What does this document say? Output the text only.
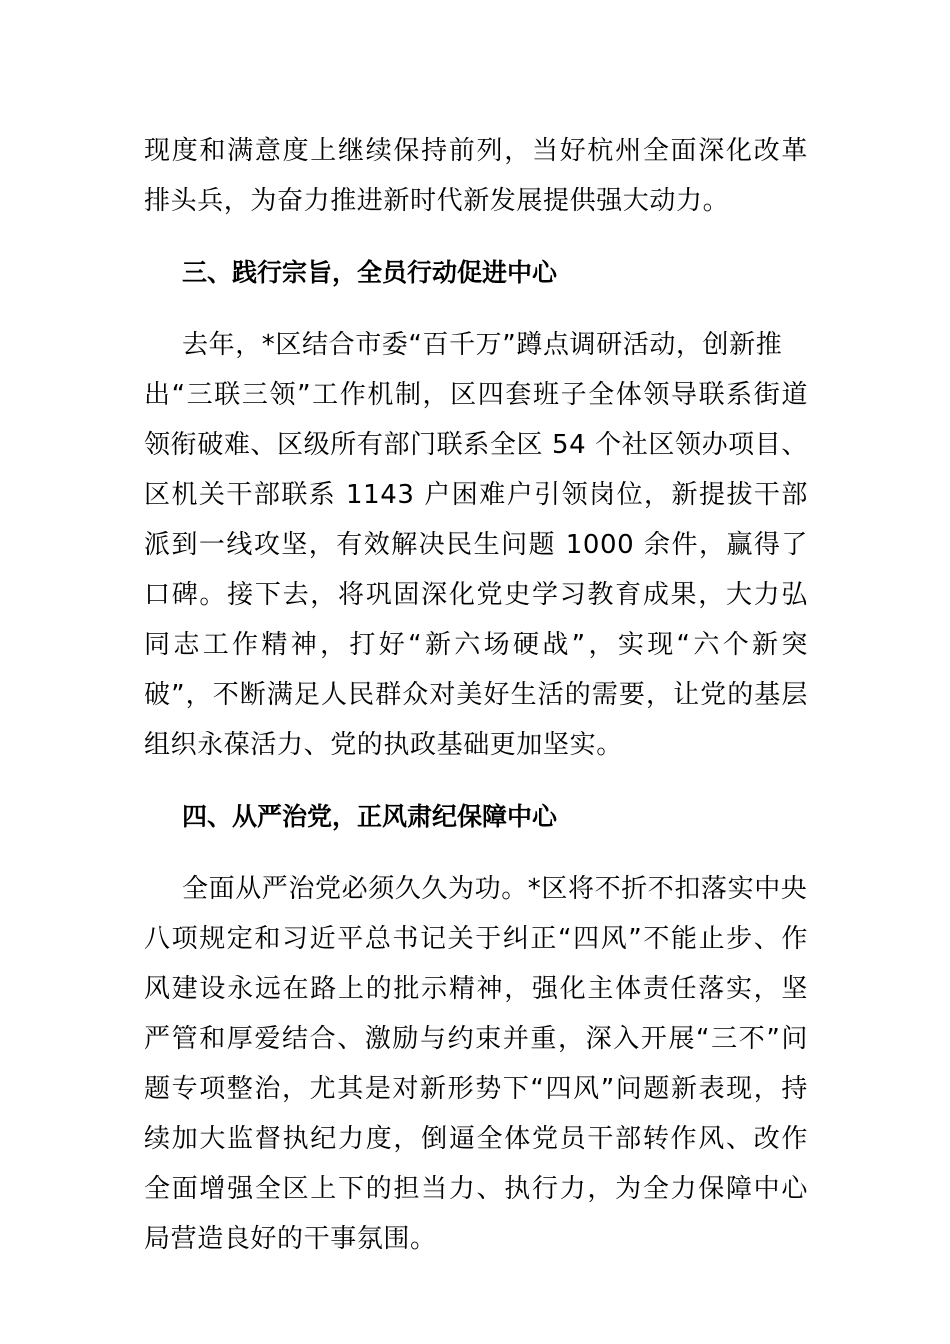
现度和满意度上继续保持前列，当好杭州全面深化改革
排头兵，为奋力推进新时代新发展提供强大动力。
三、践行宗旨，全员行动促进中心
去年，*区结合市委“百千万”蹲点调研活动，创新推
出“三联三领”工作机制，区四套班子全体领导联系街道
领衔破难、区级所有部门联系全区 54 个社区领办项目、
区机关干部联系 1143 户困难户引领岗位，新提拔干部
派到一线攻坚，有效解决民生问题 1000 余件，赢得了
口碑。接下去，将巩固深化党史学习教育成果，大力弘
同志工作精神，打好“新六场硬战”，实现“六个新突
破”，不断满足人民群众对美好生活的需要，让党的基层
组织永葆活力、党的执政基础更加坚实。
四、从严治党，正风肃纪保障中心
全面从严治党必须久久为功。*区将不折不扣落实中央
八项规定和习近平总书记关于纠正“四风”不能止步、作
风建设永远在路上的批示精神，强化主体责任落实，坚
严管和厚爱结合、激励与约束并重，深入开展“三不”问
题专项整治，尤其是对新形势下“四风”问题新表现，持
续加大监督执纪力度，倒逼全体党员干部转作风、改作
全面增强全区上下的担当力、执行力，为全力保障中心
局营造良好的干事氛围。
